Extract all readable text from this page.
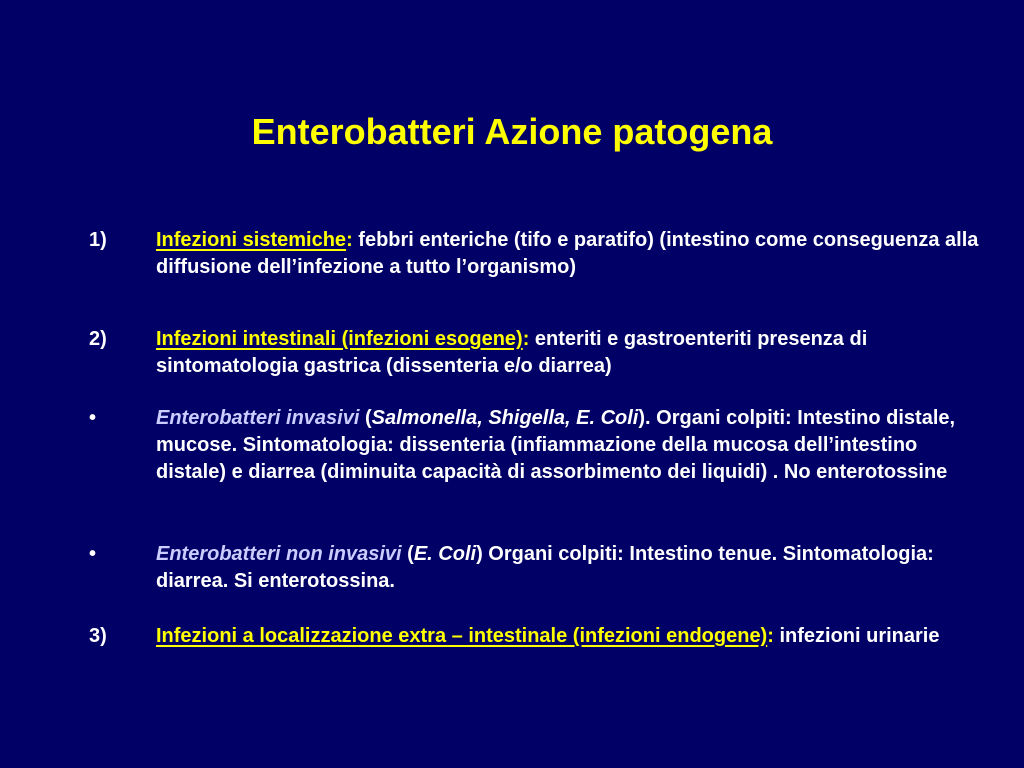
Enterobatteri Azione patogena
1) Infezioni sistemiche: febbri enteriche (tifo e paratifo) (intestino come conseguenza alla diffusione dell’infezione a tutto l’organismo)
2) Infezioni intestinali (infezioni esogene): enteriti e gastroenteriti presenza di sintomatologia gastrica (dissenteria e/o diarrea)
•	Enterobatteri invasivi (Salmonella, Shigella, E. Coli). Organi colpiti: Intestino distale, mucose. Sintomatologia: dissenteria (infiammazione della mucosa dell’intestino distale) e diarrea (diminuita capacità di assorbimento dei liquidi) . No enterotossine
•	Enterobatteri non invasivi (E. Coli) Organi colpiti: Intestino tenue. Sintomatologia: diarrea. Si enterotossina.
3) Infezioni a localizzazione extra – intestinale (infezioni endogene): infezioni urinarie
